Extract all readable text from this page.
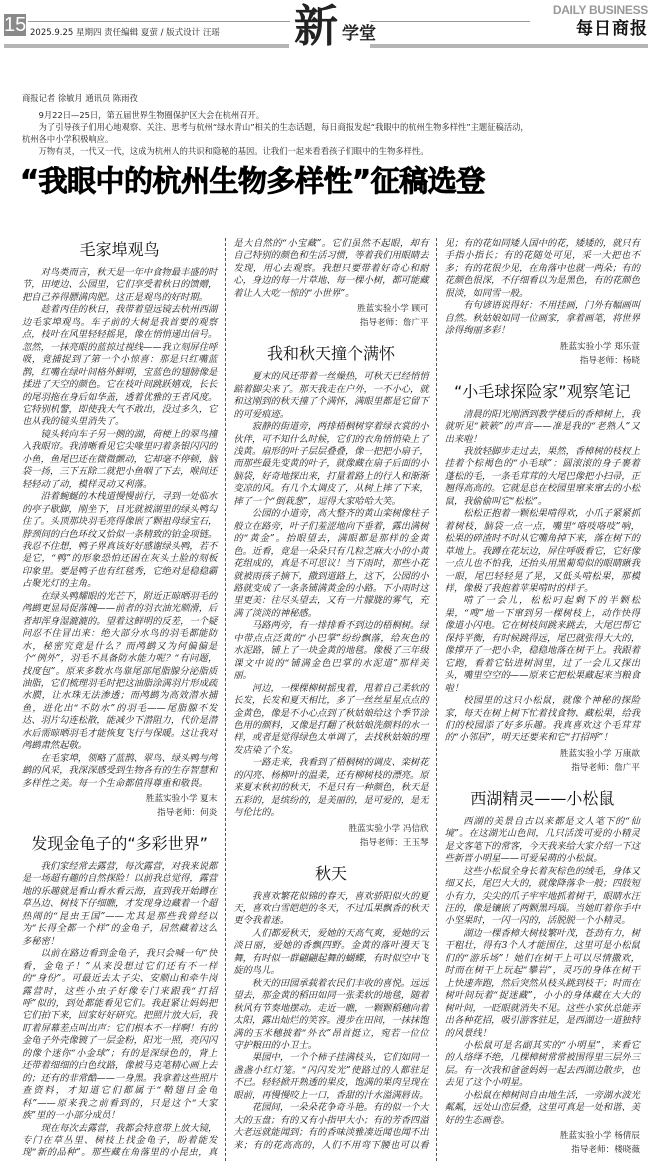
15 2025.9.25 星期四 责任编辑 夏萤 / 版式设计 汪瑶 新 学堂
DAILY BUSINESS
每日商报

商报记者 徐敏月 通讯员 陈雨孜

9月22日—25日，第五届世界生物圈保护区大会在杭州召开。

为了引导孩子们用心地观察、关注、思考与杭州“绿水青山”相关的生态话题，每日商报发起“我眼中的杭州生物多样性”主题征稿活动，

杭州各中小学积极响应。

万物有灵，一代又一代，这成为杭州人的共识和隐秘的基因。让我们一起来看看孩子们眼中的生物多样性。

“我眼中的杭州生物多样性”征稿选登
毛家埠观鸟

对鸟类而言，秋天是一年中食物最丰盛的时节，田埂边、公园里，它们享受着秋日的馈赠，把自己养得膘满肉肥。这正是观鸟的好时期。

趁着丙佳的秋日，我带着望远镜去杭州西湖边毛家埠观鸟。车子前的大树是我首要的观察点，枝叶在风里轻轻摇晃，像在悄悄递出信号。忽然，一抹亮眼的蓝掠过视线——我立刻屏住呼吸，竟捕捉到了第一个小惊喜：那是只红嘴蓝鹊，红嘴在绿叶间格外鲜明，宝蓝色的翅膀像是揉进了天空的颜色。它在枝叶间跳跃嬉戏，长长的尾羽拖在身后如华盖，透着优雅的王者风度。它特别机警，即使我大气不敢出，没过多久，它也从我的镜头里消失了。

镜头转向车子另一侧的湖，荷梗上的翠鸟撞入我眼帘。我清晰看见它尖喙里叼着条银闪闪的小鱼，鱼尾巴还在微微颤动，它却毫不停顿，脑袋一扬，三下五除二就把小鱼咽了下去，喉间还轻轻动了动，模样灵动又利落。

沿着蜿蜒的木栈道慢慢前行，寻到一处临水的亭子歇脚，刚坐下，目光就被湖里的绿头鸭勾住了。头顶那块羽毛亮得像嵌了颗祖母绿宝石，脖颈间的白色环纹又恰似一条精致的铂金项链。我忍不住想，鸭子界真该好好感谢绿头鸭，若不是它，“鸭”的形象恐怕还困在灰头土脸的刻板印象里。要是鸭子也有红毯秀，它绝对是稳稳霸占聚光灯的主角。

在绿头鸭耀眼的光芒下，附近正晾晒羽毛的鸬鹚更显局促落魄——前者的羽衣油光顺滑，后者却浑身湿漉漉的。望着这鲜明的反差，一个疑问忍不住冒出来：绝大部分水鸟的羽毛都能防水，秘密究竟是什么？而鸬鹚又为何偏偏是个“例外”，羽毛不具备防水能力呢？“有问题，找度包”。原来多数水鸟靠尾部尾脂腺分泌脂质油脂，它们梳理羽毛时把这油脂涂满羽片形成疏水膜，让水珠无法渗透；而鸬鹚为高效潜水捕鱼，进化出“不防水”的羽毛——尾脂腺不发达、羽片勾连松散，能减少下潜阻力，代价是潜水后需晾晒羽毛才能恢复飞行与保暖。这让我对鸬鹚肃然起敬。

在毛家埠，领略了蓝鹊、翠鸟、绿头鸭与鸬鹚的风采，我深深感受到生物各有的生存智慧和多样性之美。每一个生命都值得尊重和敬畏。

胜蓝实验小学 夏末
指导老师：何炎
发现金龟子的“多彩世界”

我们家经常去露营，每次露营，对我来说都是一场超有趣的自然探险！以前我总觉得，露营地的乐趣就是看山看水看云海，直到我开始蹲在草丛边、树枝下仔细瞧，才发现身边藏着一个超热闹的“昆虫王国”——尤其是那些我曾经以为“长得全都一个样”的金龟子，居然藏着这么多秘密！

以前在路边看到金龟子，我只会喊一句“快看，金龟子！”从来没想过它们还有不一样的“身份”。可最近去太子尖、安顺山和牵牛岗露营时，这些小虫子好像专门来跟我“打招呼”似的，到处都能看见它们。我赶紧让妈妈把它们拍下来，回家好好研究。把照片放大后，我盯着屏幕差点叫出声：它们根本不一样啊！有的金龟子外壳像镀了一层金粉，阳光一照，亮闪闪的像个迷你“小金球”；有的是深绿色的，背上还带着细细的白色纹路，像被马克笔精心画上去的；还有的非常酷——一身黑。我拿着这些照片查资料，才知道它们都属于“鞘翅目金龟科”——原来我之前看到的，只是这个“大家族”里的一小部分成员！

现在每次去露营，我都会特意带上放大镜，专门在草丛里、树枝上找金龟子，盼着能发现“新的品种”。那些藏在角落里的小昆虫，真是大自然的“小宝藏”。它们虽然不起眼，却有自己特别的颜色和生活习惯，等着我们用眼睛去发现，用心去观察。我想只要带着好奇心和耐心，身边的每一片草地、每一棵小树，都可能藏着让人大吃一惊的“小世界”。

胜蓝实验小学 顾可
指导老师：詹广平
我和秋天撞个满怀

夏末的风还带着一丝燥热，可秋天已经悄悄踮着脚尖来了。那天我走在户外，一不小心，就和这刚到的秋天撞了个满怀，满眼里都是它留下的可爱痕迹。

寂静的街道旁，两排梧桐树穿着绿衣裳的小伙伴，可不知什么时候，它们的衣角悄悄染上了浅黄。扇形的叶子层层叠叠，像一把把小扇子，而那些最先变黄的叶子，就像藏在扇子后面的小脑袋，好奇地探出来，打量着路上的行人和渐渐变凉的风。有几个太调皮了，从树上摔了下来，摔了一个“倒栽葱”，逗得大家哈哈大笑。

公园的小道旁，高大整齐的黄山栾树像柱子般立在路旁，叶子们羞涩地向下垂着，露出满树的“黄金”。抬眼望去，满眼都是那样的金黄色。近看，竟是一朵朵只有几粒芝麻大小的小黄花组成的，真是不可思议！当下雨时，那些小花就被雨孩子摘下，撒到道路上，这下，公园的小路就变成了一条条铺满黄金的小路。下小雨时这里更美：往尽头望去，又有一片朦胧的雾气，充满了淡淡的神秘感。

马路两旁，有一排排看不到边的梧桐树。绿中带点点泛黄的“小巴掌”纷纷飘落，给灰色的水泥路，铺上了一块金黄的地毯。像极了三年级课文中说的“铺满金色巴掌的水泥道”那样美丽。

河边，一棵棵柳树摇曳着，甩着自己柔软的长发，长发和夏天相比，多了一丝丝星星点点的金黄色，像是不小心点到了秋姑娘给这个季节涂色用的颜料，又像是打翻了秋姑娘洗颜料的水一样，或者是觉得绿色太单调了，去找秋姑娘的理发店染了个发。

一路走来，我看到了梧桐树的调皮、栾树花的闪亮、杨柳叶的温柔，还有柳树枝的漂亮。原来夏末秋初的秋天，不是只有一种颜色，秋天是五彩的，是缤纷的，是美丽的，是可爱的，是无与伦比的。

胜蓝实验小学 冯信欣
指导老师：王玉琴
秋天

我喜欢繁花似锦的春天，喜欢骄阳似火的夏天，喜欢白雪皑皑的冬天，不过瓜果飘香的秋天更令我着迷。

人们都爱秋天，爱她的天高气爽，爱她的云淡日丽，爱她的香飘四野。金黄的落叶漫天飞舞，有时似一群翩翩起舞的蝴蝶，有时似空中飞旋的鸟儿。

秋天的田园承载着农民们丰收的喜悦。远远望去，那金黄的稻田如同一张柔软的地毯，随着秋风有节奏地摆动。走近一瞧，一颗颗稻穗向着太阳，露出灿烂的笑容。漫步在田间，一抹抹饱满的玉米穗披着“外衣”昂首挺立，宛若一位位守护粮田的小卫士。

果园中，一个个柿子挂满枝头，它们如同一盏盏小红灯笼。“闪闪发光”使路过的人都驻足不已。轻轻掀开熟透的果皮，饱满的果肉呈现在眼前，再慢慢咬上一口，香甜的汁水溢满唇齿。

花园间，一朵朵花争奇斗艳。有的似一个大大的玉盘；有的又有小指甲大小；有的芳香四溢大老远就能闻到；有的香味淡雅凑近闻也闻不出来；有的花高高的，人们不用弯下腰也可以看见；有的花如同矮人国中的花，矮矮的，就只有手指小指长；有的花随处可见，采一大把也不多；有的花很少见，在角落中也就一两朵；有的花颜色很深，不仔细看以为是黑色，有的花颜色很淡，如同雪一般。

有句谚语说得好：不用挂画，门外有幅画叫自然。秋姑娘如同一位画家，拿着画笔，将世界涂得绚丽多彩！

胜蓝实验小学 郑乐萱
指导老师：杨晓
“小毛球探险家”观察笔记

清晨的阳光刚洒到教学楼后的香樟树上，我就听见“簌簌”的声音——准是我的“老熟人”又出来啦！

我放轻脚步走过去，果然，香樟树的枝杈上挂着个棕褐色的“小毛球”：圆滚滚的身子裹着蓬松的毛，一条毛茸茸的大尾巴像把小扫帚，正翘得高高的。它就是总在校园里窜来窜去的小松鼠，我偷偷叫它“松松”。

松松正抱着一颗松果啃得欢，小爪子紧紧抓着树枝，脑袋一点一点，嘴里“咯吱咯吱”响，松果的碎渣时不时从它嘴角掉下来，落在树下的草地上。我蹲在花坛边，屏住呼吸看它，它好像一点儿也不怕我，还抬头用黑葡萄似的眼睛瞅我一眼，尾巴轻轻晃了晃，又低头啃松果，那模样，像极了我抱着苹果啃时的样子。

啃了一会儿，松松叼起剩下的半颗松果，“嗖”地一下窜到另一棵树枝上，动作快得像道小闪电。它在树枝间跳来跳去，大尾巴帮它保持平衡，有时候跳得远，尾巴就张得大大的，像撑开了一把小伞，稳稳地落在树干上。我跟着它跑，看着它钻进树洞里，过了一会儿又探出头，嘴里空空的——原来它把松果藏起来当粮食啦！

校园里的这只小松鼠，就像个神秘的探险家，每天在树上树下忙着找食物、藏松果，给我们的校园添了好多乐趣。我真喜欢这个毛茸茸的“小邻居”，明天还要来和它“打招呼”！

胜蓝实验小学 万康歆
指导老师：詹广平
西湖精灵——小松鼠

西湖的美景自古以来都是文人笔下的“仙境”。在这湖光山色间，几只活泼可爱的小精灵是文客笔下的常客，今天我来给大家介绍一下这些新晋小明星——可爱呆萌的小松鼠。

这些小松鼠全身长着灰棕色的绒毛，身体又细又长，尾巴大大的，就像降落伞一般；四肢短小有力，尖尖的爪子牢牢地抓着树干，眼睛水汪汪的，像是镶嵌了两颗黑玛瑙。当她盯着你手中小坚果时，一闪一闪的，活脱脱一个小精灵。

湖边一棵香樟大树枝繁叶茂，苍劲有力，树干粗壮，得有3个人才能围住，这里可是小松鼠们的“游乐场”！她们在树干上可以尽情撒欢，时而在树干上玩起“攀岩”，灵巧的身体在树干上快速奔跑，然后突然从枝头跳到枝干；时而在树叶间玩着“捉迷藏”，小小的身体藏在大大的树叶间，一眨眼就消失不见。这些小家伙总能弄出各种花招，吸引游客驻足，是西湖边一道独特的风景线！

小松鼠可是名副其实的“小明星”，来看它的人络绎不绝，几棵樟树常常被围得里三层外三层。有一次我和爸爸妈妈一起去西湖边散步，也去见了这个小明星。

小松鼠在樟树间自由地生活，一旁湖水波光粼粼，远处山峦层叠，这里可真是一处和谐、美好的生态画卷。

胜蓝实验小学 杨倩辰
指导老师：楼晓薇
